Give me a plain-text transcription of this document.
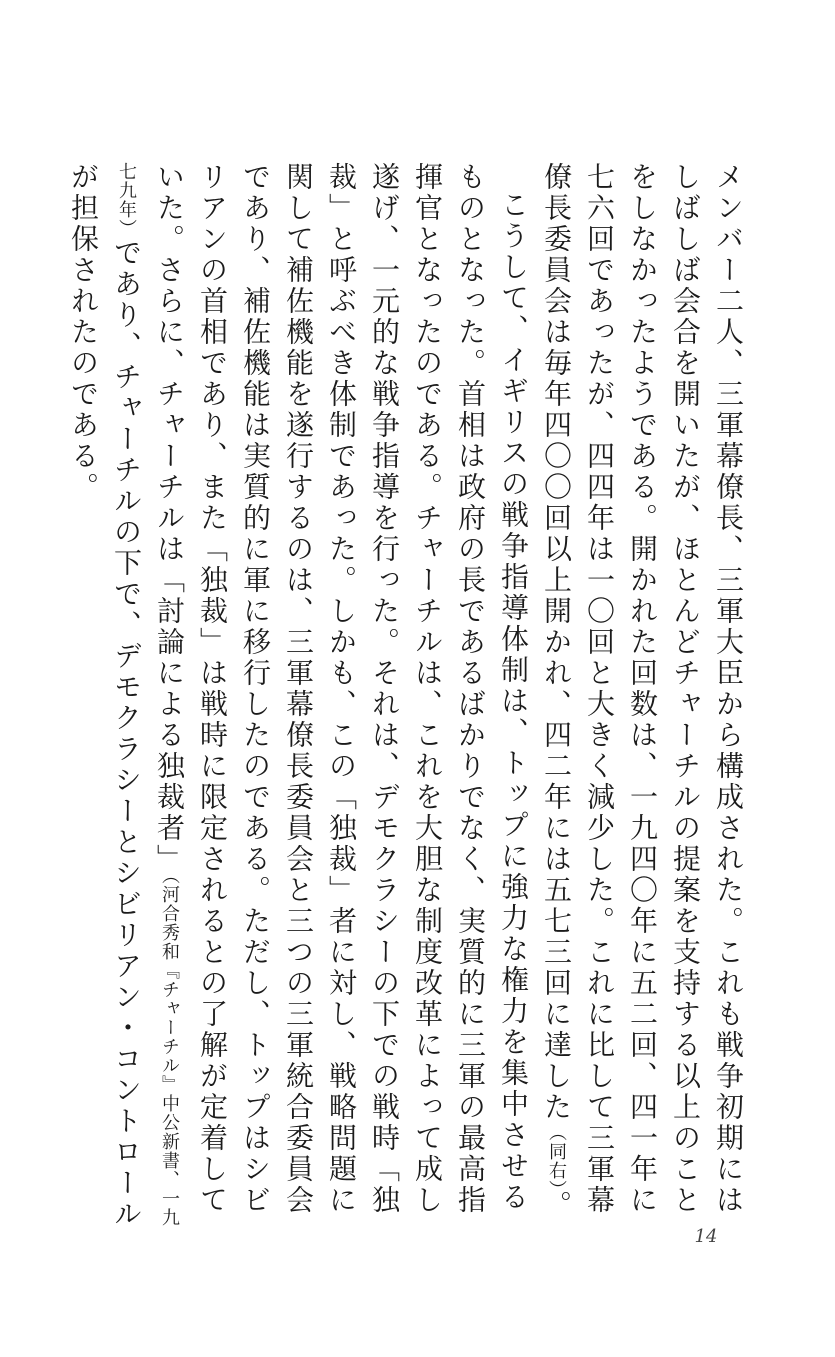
メンバー二人、三軍幕僚長、三軍大臣から構成された。これも戦争初期にはしばしば会合を開いたが、ほとんどチャーチルの提案を支持する以上のことをしなかったようである。開かれた回数は、一九四〇年に五二回、四一年に七六回であったが、四四年は一〇回と大きく減少した。これに比して三軍幕僚長委員会は毎年四〇〇回以上開かれ、四二年には五七三回に達した（同右）。

こうして、イギリスの戦争指導体制は、トップに強力な権力を集中させるものとなった。首相は政府の長であるばかりでなく、実質的に三軍の最高指揮官となったのである。チャーチルは、これを大胆な制度改革によって成し遂げ、一元的な戦争指導を行った。それは、デモクラシーの下での戦時「独裁」と呼ぶべき体制であった。しかも、この「独裁」者に対し、戦略問題に関して補佐機能を遂行するのは、三軍幕僚長委員会と三つの三軍統合委員会であり、補佐機能は実質的に軍に移行したのである。ただし、トップはシビリアンの首相であり、また「独裁」は戦時に限定されるとの了解が定着していた。さらに、チャーチルは「討論による独裁者」（河合秀和『チャーチル』中公新書、一九七九年）であり、チャーチルの下で、デモクラシーとシビリアン・コントロールが担保されたのである。

14
